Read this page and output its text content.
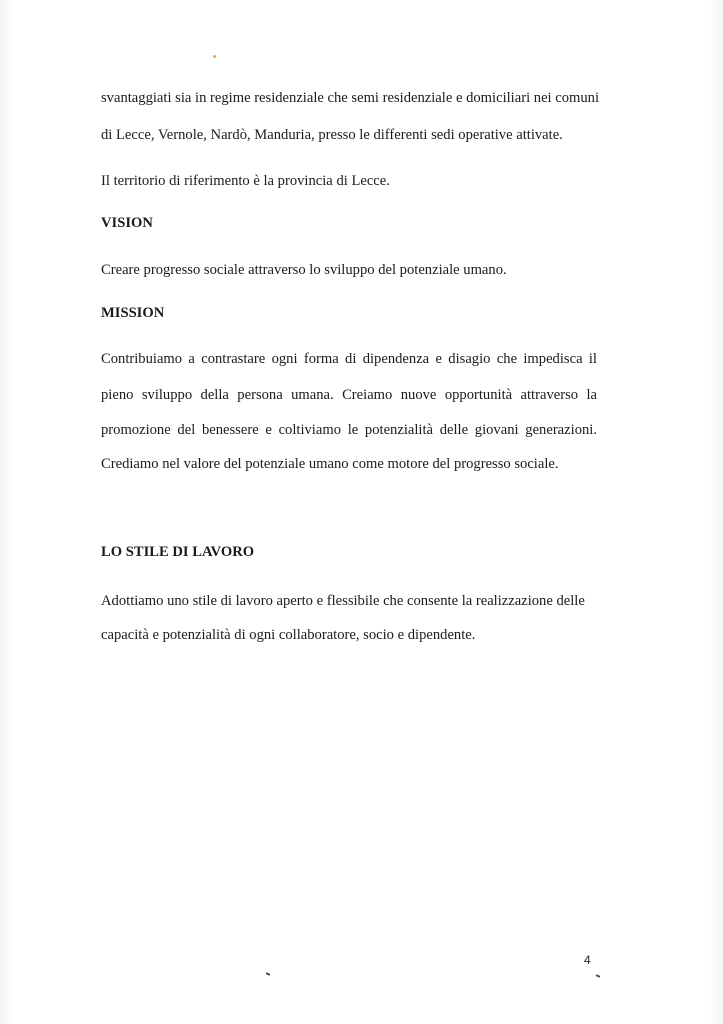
svantaggiati sia in regime residenziale che semi residenziale e domiciliari nei comuni

di Lecce, Vernole, Nardò, Manduria, presso le differenti sedi operative attivate.

Il territorio di riferimento è la provincia di Lecce.

VISION

Creare progresso sociale attraverso lo sviluppo del potenziale umano.

MISSION

Contribuiamo a contrastare ogni forma di dipendenza e disagio che impedisca il

pieno sviluppo della persona umana. Creiamo nuove opportunità attraverso la

promozione del benessere e coltiviamo le potenzialità delle giovani generazioni.

Crediamo nel valore del potenziale umano come motore del progresso sociale.

LO STILE DI LAVORO

Adottiamo uno stile di lavoro aperto e flessibile che consente la realizzazione delle

capacità e potenzialità di ogni collaboratore, socio e dipendente.

4
